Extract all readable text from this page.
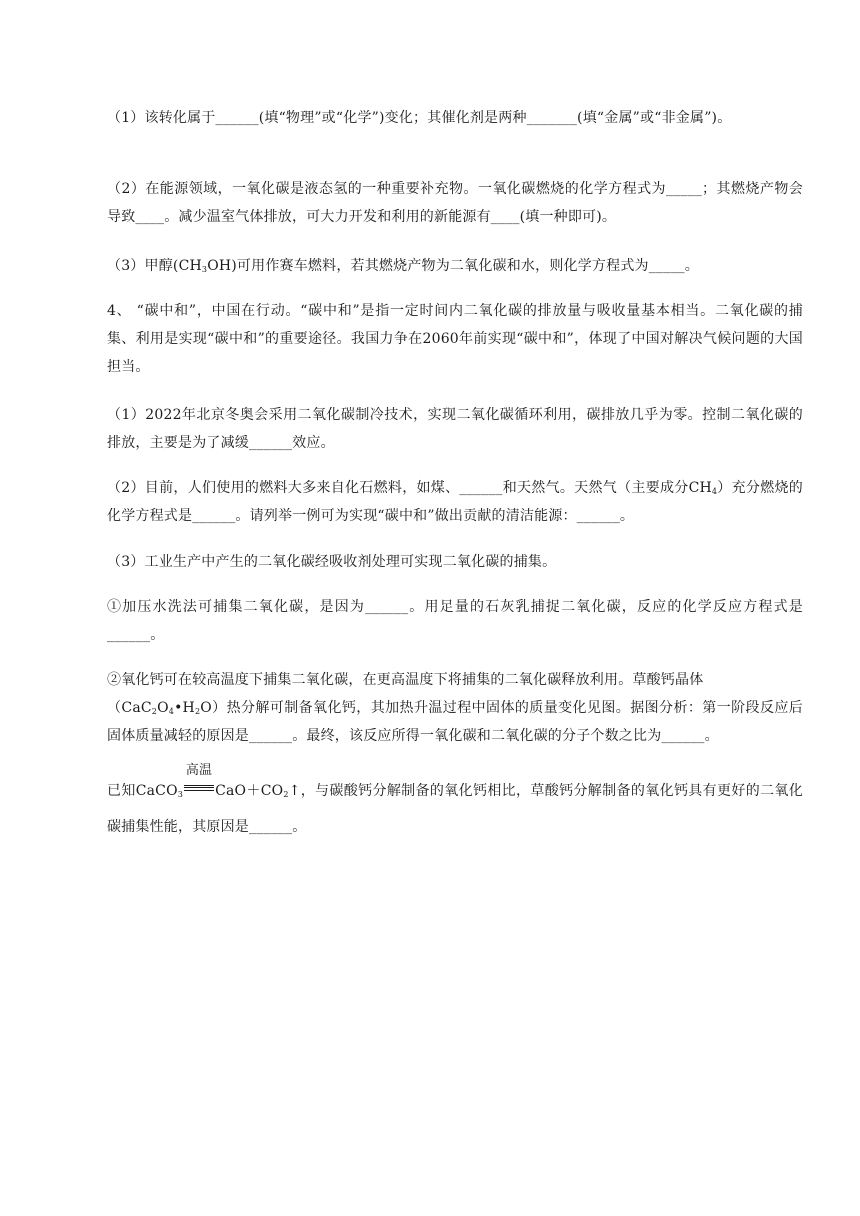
（1）该转化属于______(填“物理”或“化学”)变化；其催化剂是两种_______(填“金属”或“非金属”)。

（2）在能源领域，一氧化碳是液态氢的一种重要补充物。一氧化碳燃烧的化学方程式为_____；其燃烧产物会导致____。减少温室气体排放，可大力开发和利用的新能源有____(填一种即可)。

（3）甲醇$(CH_3OH)$可用作赛车燃料，若其燃烧产物为二氧化碳和水，则化学方程式为_____。

4、 “碳中和”，中国在行动。“碳中和”是指一定时间内二氧化碳的排放量与吸收量基本相当。二氧化碳的捕集、利用是实现“碳中和”的重要途径。我国力争在2060年前实现“碳中和”，体现了中国对解决气候问题的大国担当。

（1）2022年北京冬奥会采用二氧化碳制冷技术，实现二氧化碳循环利用，碳排放几乎为零。控制二氧化碳的排放，主要是为了减缓______效应。

（2）目前，人们使用的燃料大多来自化石燃料，如煤、______和天然气。天然气（主要成分$CH_4$）充分燃烧的化学方程式是______。请列举一例可为实现“碳中和”做出贡献的清洁能源：______。

（3）工业生产中产生的二氧化碳经吸收剂处理可实现二氧化碳的捕集。

①加压水洗法可捕集二氧化碳，是因为______。用足量的石灰乳捕捉二氧化碳，反应的化学反应方程式是______。

②氧化钙可在较高温度下捕集二氧化碳，在更高温度下将捕集的二氧化碳释放利用。草酸钙晶体
$(CaC_2O_4•H_2O)$热分解可制备氧化钙，其加热升温过程中固体的质量变化见图。据图分析：第一阶段反应后固体质量减轻的原因是______。最终，该反应所得一氧化碳和二氧化碳的分子个数之比为______。

已知CaCO$_3$
高温
$CaO+CO_2↑$，与碳酸钙分解制备的氧化钙相比，草酸钙分解制备的氧化钙具有更好的二氧化碳捕集性能，其原因是______。
